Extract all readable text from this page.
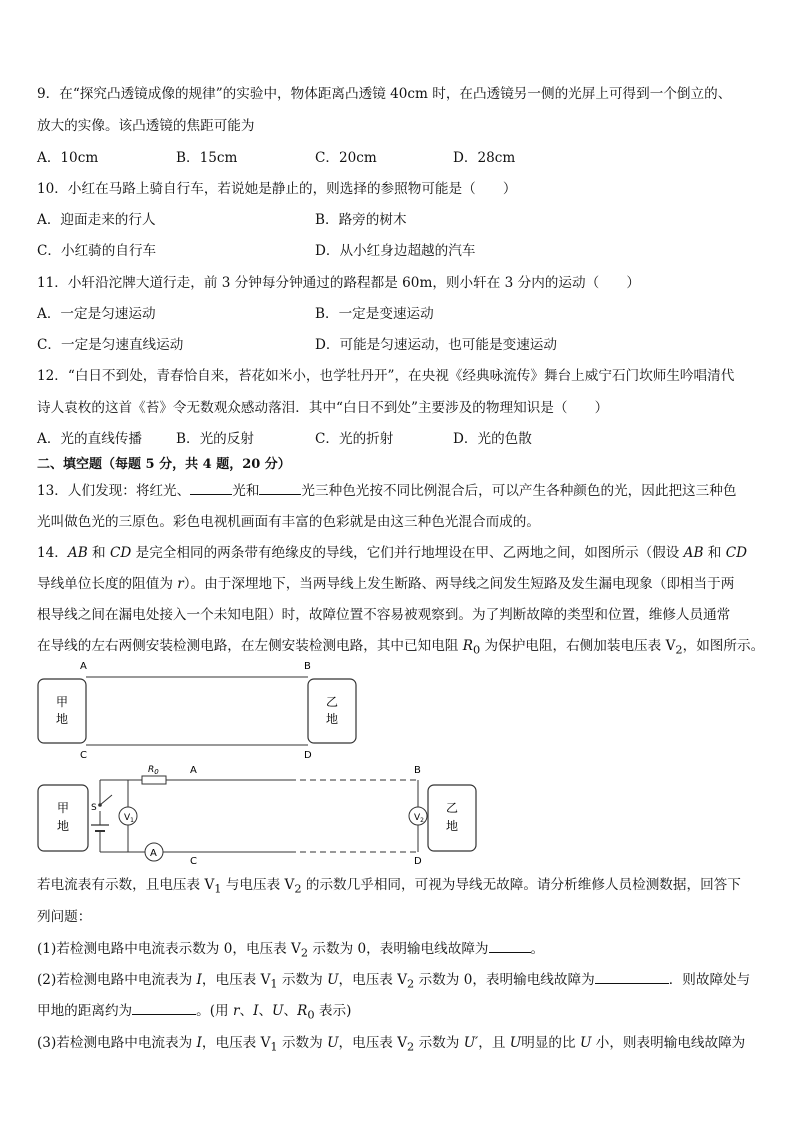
9．在“探究凸透镜成像的规律”的实验中，物体距离凸透镜 40cm 时，在凸透镜另一侧的光屏上可得到一个倒立的、
放大的实像。该凸透镜的焦距可能为
A．10cm	B．15cm	C．20cm	D．28cm
10．小红在马路上骑自行车，若说她是静止的，则选择的参照物可能是（　　）
A．迎面走来的行人	B．路旁的树木
C．小红骑的自行车	D．从小红身边超越的汽车
11．小轩沿沱牌大道行走，前 3 分钟每分钟通过的路程都是 60m，则小轩在 3 分内的运动（　　）
A．一定是匀速运动	B．一定是变速运动
C．一定是匀速直线运动	D．可能是匀速运动，也可能是变速运动
12．“白日不到处，青春恰自来，苔花如米小，也学牡丹开”，在央视《经典咏流传》舞台上威宁石门坎师生吟唱清代
诗人袁枚的这首《苔》令无数观众感动落泪．其中“白日不到处”主要涉及的物理知识是（　　）
A．光的直线传播	B．光的反射	C．光的折射	D．光的色散
二、填空题（每题 5 分，共 4 题，20 分）
13．人们发现：将红光、	光和	光三种色光按不同比例混合后，可以产生各种颜色的光，因此把这三种色
光叫做色光的三原色。彩色电视机画面有丰富的色彩就是由这三种色光混合而成的。
14．AB 和 CD 是完全相同的两条带有绝缘皮的导线，它们并行地埋设在甲、乙两地之间，如图所示（假设 AB 和 CD
导线单位长度的阻值为 r）。由于深埋地下，当两导线上发生断路、两导线之间发生短路及发生漏电现象（即相当于两
根导线之间在漏电处接入一个未知电阻）时，故障位置不容易被观察到。为了判断故障的类型和位置，维修人员通常
在导线的左右两侧安装检测电路，在左侧安装检测电路，其中已知电阻 $R_0$ 为保护电阻，右侧加装电压表 $V_2$，如图所示。
甲
地
乙
地
A	B
C	D
甲
地
乙
地
S
$R_0$	A	B
$V_1$
A
C	D
$V_2$
若电流表有示数，且电压表 $V_1$ 与电压表 $V_2$ 的示数几乎相同，可视为导线无故障。请分析维修人员检测数据，回答下
列问题：
(1)若检测电路中电流表示数为 0，电压表 $V_2$ 示数为 0，表明输电线故障为	。
(2)若检测电路中电流表为 I，电压表 $V_1$ 示数为 U，电压表 $V_2$ 示数为 0，表明输电线故障为	．则故障处与
甲地的距离约为	。(用 r、I、U、$R_0$ 表示)
(3)若检测电路中电流表为 I，电压表 $V_1$ 示数为 U，电压表 $V_2$ 示数为 U′，且 U明显的比 U 小，则表明输电线故障为
